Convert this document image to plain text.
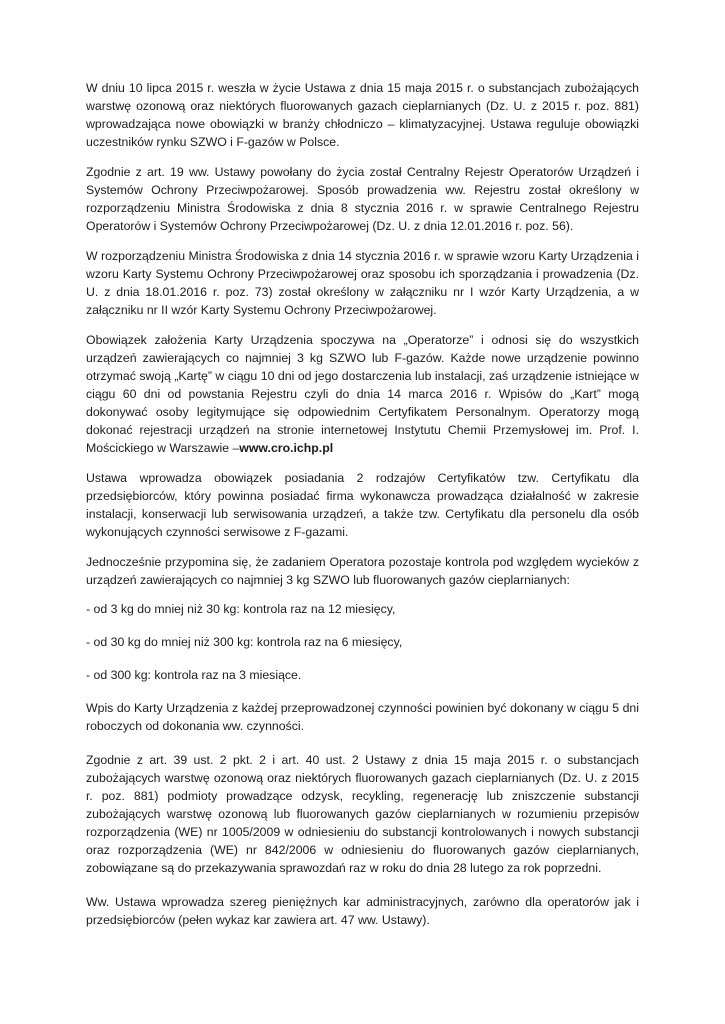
W dniu 10 lipca 2015 r. weszła w życie Ustawa z dnia 15 maja 2015 r. o substancjach zubożających warstwę ozonową oraz niektórych fluorowanych gazach cieplarnianych (Dz. U. z 2015 r. poz. 881) wprowadzająca nowe obowiązki w branży chłodniczo – klimatyzacyjnej. Ustawa reguluje obowiązki uczestników rynku SZWO i F-gazów w Polsce.

Zgodnie z art. 19 ww. Ustawy powołany do życia został Centralny Rejestr Operatorów Urządzeń i Systemów Ochrony Przeciwpożarowej. Sposób prowadzenia ww. Rejestru został określony w rozporządzeniu Ministra Środowiska z dnia 8 stycznia 2016 r. w sprawie Centralnego Rejestru Operatorów i Systemów Ochrony Przeciwpożarowej (Dz. U. z dnia 12.01.2016 r. poz. 56).

W rozporządzeniu Ministra Środowiska z dnia 14 stycznia 2016 r. w sprawie wzoru Karty Urządzenia i wzoru Karty Systemu Ochrony Przeciwpożarowej oraz sposobu ich sporządzania i prowadzenia (Dz. U. z dnia 18.01.2016 r. poz. 73) został określony w załączniku nr I wzór Karty Urządzenia, a w załączniku nr II wzór Karty Systemu Ochrony Przeciwpożarowej.

Obowiązek założenia Karty Urządzenia spoczywa na „Operatorze” i odnosi się do wszystkich urządzeń zawierających co najmniej 3 kg SZWO lub F-gazów. Każde nowe urządzenie powinno otrzymać swoją „Kartę” w ciągu 10 dni od jego dostarczenia lub instalacji, zaś urządzenie istniejące w ciągu 60 dni od powstania Rejestru czyli do dnia 14 marca 2016 r. Wpisów do „Kart” mogą dokonywać osoby legitymujące się odpowiednim Certyfikatem Personalnym. Operatorzy mogą dokonać rejestracji urządzeń na stronie internetowej Instytutu Chemii Przemysłowej im. Prof. I. Mościckiego w Warszawie –www.cro.ichp.pl

Ustawa wprowadza obowiązek posiadania 2 rodzajów Certyfikatów tzw. Certyfikatu dla przedsiębiorców, który powinna posiadać firma wykonawcza prowadząca działalność w zakresie instalacji, konserwacji lub serwisowania urządzeń, a także tzw. Certyfikatu dla personelu dla osób wykonujących czynności serwisowe z F-gazami.

Jednocześnie przypomina się, że zadaniem Operatora pozostaje kontrola pod względem wycieków z urządzeń zawierających co najmniej 3 kg SZWO lub fluorowanych gazów cieplarnianych:

- od 3 kg do mniej niż 30 kg: kontrola raz na 12 miesięcy,

- od 30 kg do mniej niż 300 kg: kontrola raz na 6 miesięcy,

- od 300 kg: kontrola raz na 3 miesiące.

Wpis do Karty Urządzenia z każdej przeprowadzonej czynności powinien być dokonany w ciągu 5 dni roboczych od dokonania ww. czynności.

Zgodnie z art. 39 ust. 2 pkt. 2 i art. 40 ust. 2 Ustawy z dnia 15 maja 2015 r. o substancjach zubożających warstwę ozonową oraz niektórych fluorowanych gazach cieplarnianych (Dz. U. z 2015 r. poz. 881) podmioty prowadzące odzysk, recykling, regenerację lub zniszczenie substancji zubożających warstwę ozonową lub fluorowanych gazów cieplarnianych w rozumieniu przepisów rozporządzenia (WE) nr 1005/2009 w odniesieniu do substancji kontrolowanych i nowych substancji oraz rozporządzenia (WE) nr 842/2006 w odniesieniu do fluorowanych gazów cieplarnianych, zobowiązane są do przekazywania sprawozdań raz w roku do dnia 28 lutego za rok poprzedni.

Ww. Ustawa wprowadza szereg pieniężnych kar administracyjnych, zarówno dla operatorów jak i przedsiębiorców (pełen wykaz kar zawiera art. 47 ww. Ustawy).
